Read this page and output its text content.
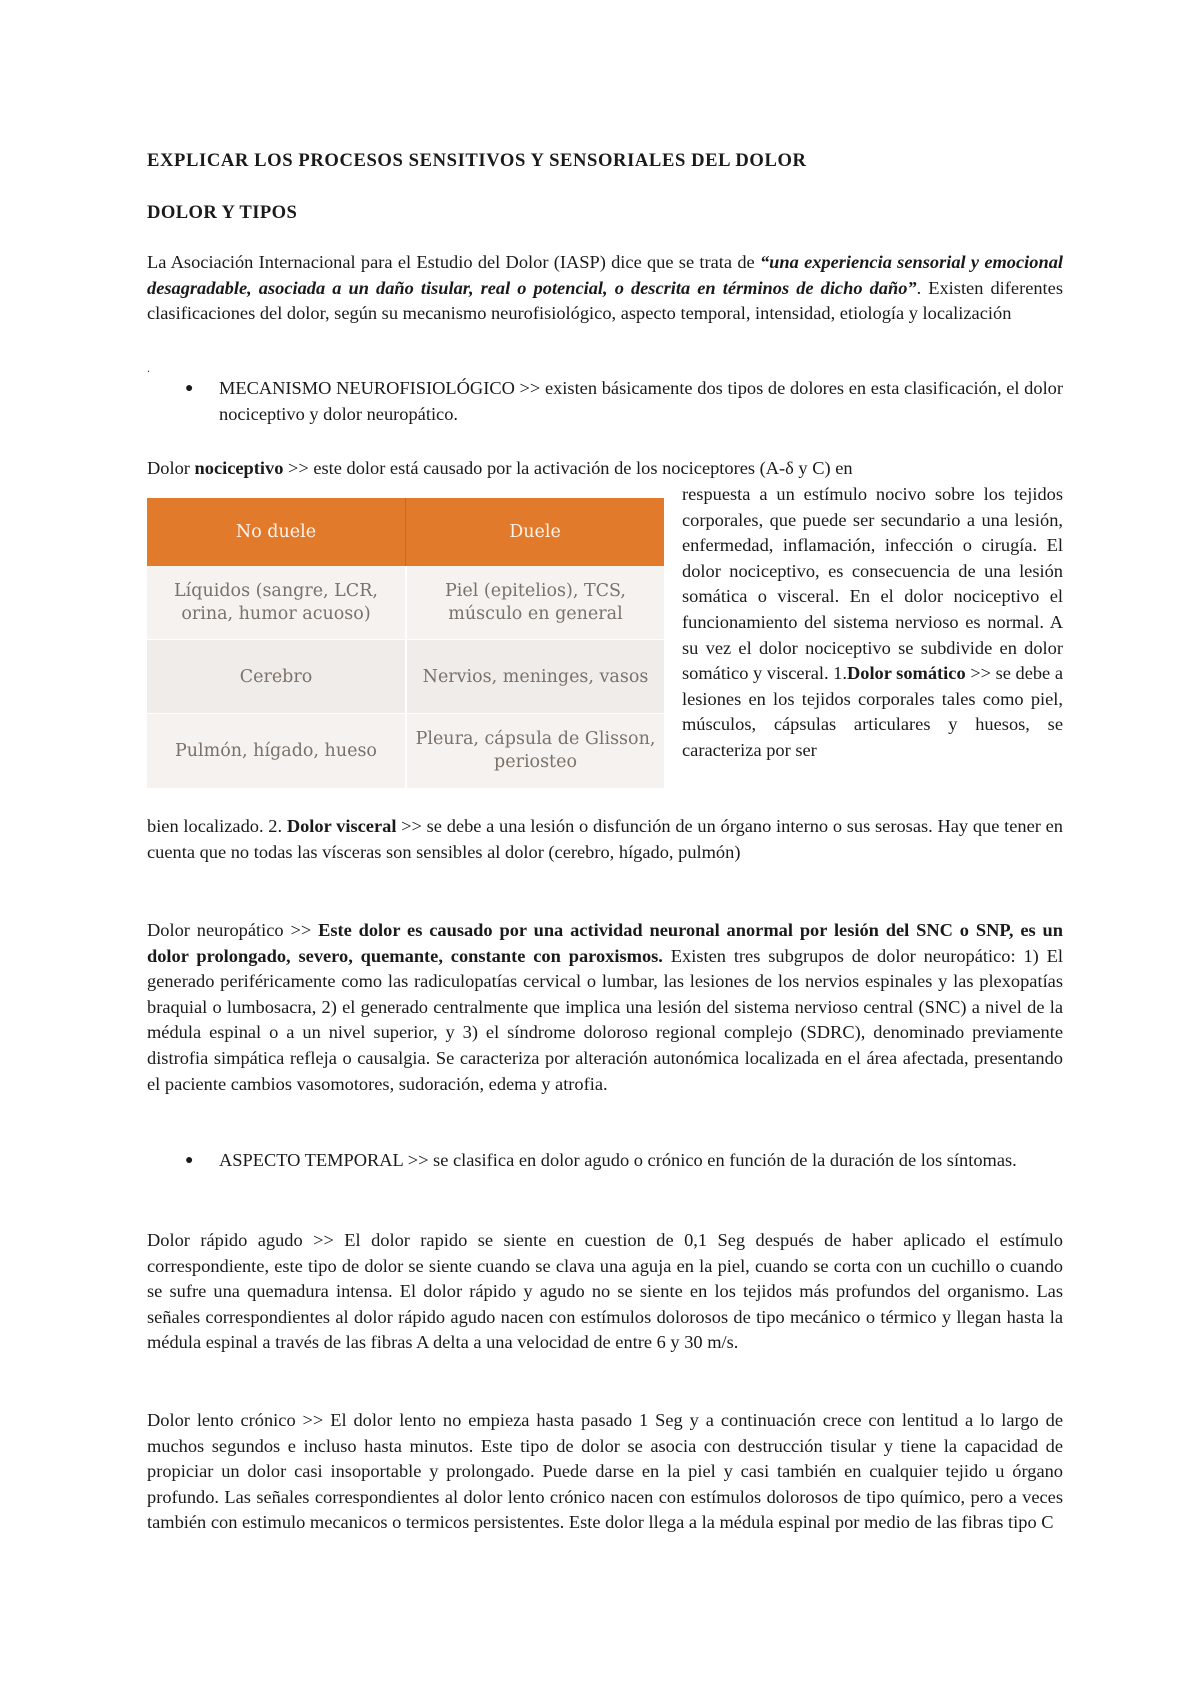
EXPLICAR LOS PROCESOS SENSITIVOS Y SENSORIALES DEL DOLOR
DOLOR Y TIPOS
La Asociación Internacional para el Estudio del Dolor (IASP) dice que se trata de “una experiencia sensorial y emocional desagradable, asociada a un daño tisular, real o potencial, o descrita en términos de dicho daño”. Existen diferentes clasificaciones del dolor, según su mecanismo neurofisiológico, aspecto temporal, intensidad, etiología y localización
.
● MECANISMO NEUROFISIOLÓGICO >> existen básicamente dos tipos de dolores en esta clasificación, el dolor nociceptivo y dolor neuropático.
Dolor nociceptivo >> este dolor está causado por la activación de los nociceptores (A-δ y C) en
bien localizado. 2. Dolor visceral >> se debe a una lesión o disfunción de un órgano interno o sus serosas. Hay que tener en cuenta que no todas las vísceras son sensibles al dolor (cerebro, hígado, pulmón)
Dolor neuropático >> Este dolor es causado por una actividad neuronal anormal por lesión del SNC o SNP, es un dolor prolongado, severo, quemante, constante con paroxismos. Existen tres subgrupos de dolor neuropático: 1) El generado periféricamente como las radiculopatías cervical o lumbar, las lesiones de los nervios espinales y las plexopatías braquial o lumbosacra, 2) el generado centralmente que implica una lesión del sistema nervioso central (SNC) a nivel de la médula espinal o a un nivel superior, y 3) el síndrome doloroso regional complejo (SDRC), denominado previamente distrofia simpática refleja o causalgia. Se caracteriza por alteración autonómica localizada en el área afectada, presentando el paciente cambios vasomotores, sudoración, edema y atrofia.
● ASPECTO TEMPORAL >> se clasifica en dolor agudo o crónico en función de la duración de los síntomas.
Dolor rápido agudo >> El dolor rapido se siente en cuestion de 0,1 Seg después de haber aplicado el estímulo correspondiente, este tipo de dolor se siente cuando se clava una aguja en la piel, cuando se corta con un cuchillo o cuando se sufre una quemadura intensa. El dolor rápido y agudo no se siente en los tejidos más profundos del organismo. Las señales correspondientes al dolor rápido agudo nacen con estímulos dolorosos de tipo mecánico o térmico y llegan hasta la médula espinal a través de las fibras A delta a una velocidad de entre 6 y 30 m/s.
Dolor lento crónico >> El dolor lento no empieza hasta pasado 1 Seg y a continuación crece con lentitud a lo largo de muchos segundos e incluso hasta minutos. Este tipo de dolor se asocia con destrucción tisular y tiene la capacidad de propiciar un dolor casi insoportable y prolongado. Puede darse en la piel y casi también en cualquier tejido u órgano profundo. Las señales correspondientes al dolor lento crónico nacen con estímulos dolorosos de tipo químico, pero a veces también con estimulo mecanicos o termicos persistentes. Este dolor llega a la médula espinal por medio de las fibras tipo C
respuesta a un estímulo nocivo sobre los tejidos corporales, que puede ser secundario a una lesión, enfermedad, inflamación, infección o cirugía. El dolor nociceptivo, es consecuencia de una lesión somática o visceral. En el dolor nociceptivo el funcionamiento del sistema nervioso es normal. A su vez el dolor nociceptivo se subdivide en dolor somático y visceral. 1.Dolor somático >> se debe a lesiones en los tejidos corporales tales como piel, músculos, cápsulas articulares y huesos, se caracteriza por ser
No duele	Duele
Líquidos (sangre, LCR, orina, humor acuoso)
Piel (epitelios), TCS, músculo en general
Cerebro	Nervios, meninges, vasos
Pulmón, hígado, hueso
Pleura, cápsula de Glisson, periosteo
